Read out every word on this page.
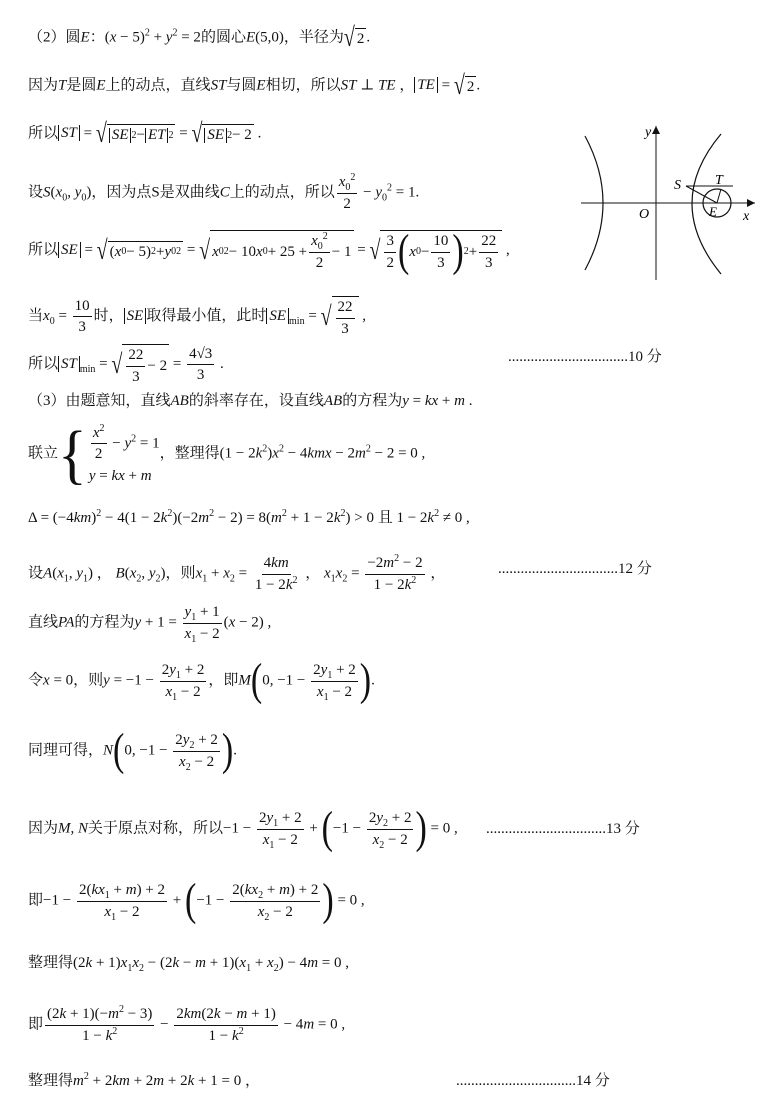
（2）圆E：$(x - 5)^2 + y^2 = 2$的圆心E(5,0)，半径为 √ 2 .
因为T是圆E上的动点，直线ST与圆E相切，所以ST ⊥ TE ， TE = √ 2 .
所以 ST = √ SE 2 − ET 2 = √ SE 2 − 2 .
设$S(x_0$, $y_0$)，因为点S是双曲线C上的动点，所以 $\frac{x_0^2}{2} - y_0^2 = 1$.
所以 SE = √ ( x 0 − 5) 2 + y 0 2 = √ x 0 2 − 10 x $0 + 25 + \frac{x_0^2}{2} - 1$ = √ $\frac{3}{2}$ ( x $0 - \frac{10}{3}$ ) $2 + \frac{22}{3}$ ,
当$x_0 = \frac{10}{3}$ 时， SE 取得最小值，此时 SE $_{min}$ = √ $\frac{22}{3}$ ,
所以 ST $_{min}$ = √ $\frac{22}{3} - 2 = \frac{4√3}{3}$ .	................................10 分
（3）由题意知，直线AB的斜率存在，设直线AB的方程为y = kx + m .
联立 { $\frac{x^2}{2} - y^2 = 1$
y = kx + m
，整理得$(1 - 2k^2)x^2 - 4kmx - 2m^2 - 2 = 0$ ,
$\Delta = (-4km)^2 - 4(1 - 2k^2)(-2m^2 - 2) = 8(m^2 + 1 - 2k^2) > 0$ 且 $1 - 2k^2 \ne 0$ ,
设$A(x_1$, $y_1$) ， $B(x_2$, $y_2$)，则$x_1 + x_2 = \frac{4km}{1 - 2k^2}$ ， $x_1x_2 = \frac{-2m^2 - 2}{1 - 2k^2}$ ，	................................12 分
直线PA的方程为$y + 1 = \frac{y_1 + 1}{x_1 - 2} (x - 2)$ ,
令x = 0，则$y = -1 - \frac{2y_1 + 2}{x_1 - 2}$ ，即M(0, $-1 - \frac{2y_1 + 2}{x_1 - 2}$ ).
同理可得，N(0, $-1 - \frac{2y_2 + 2}{x_2 - 2}$ ).
因为M, N关于原点对称，所以$-1 - \frac{2y_1 + 2}{x_1 - 2} + (-1 - \frac{2y_2 + 2}{x_2 - 2}$ ) = 0 , ................................13 分
即$-1 - \frac{2(kx_1 + m) + 2}{x_1 - 2} + (-1 - \frac{2(kx_2 + m) + 2}{x_2 - 2}$ ) = 0 ,
整理得$(2k + 1)x_1x_2 - (2k - m + 1)(x_1 + x_2) - 4m = 0$ ,
即 $\frac{(2k + 1)(-m^2 - 3)}{1 - k^2} - \frac{2km(2k - m + 1)}{1 - k^2} - 4m = 0$ ,
整理得$m^2 + 2km + 2m + 2k + 1 = 0$ ，	................................14 分
y
x
O
S T
E
